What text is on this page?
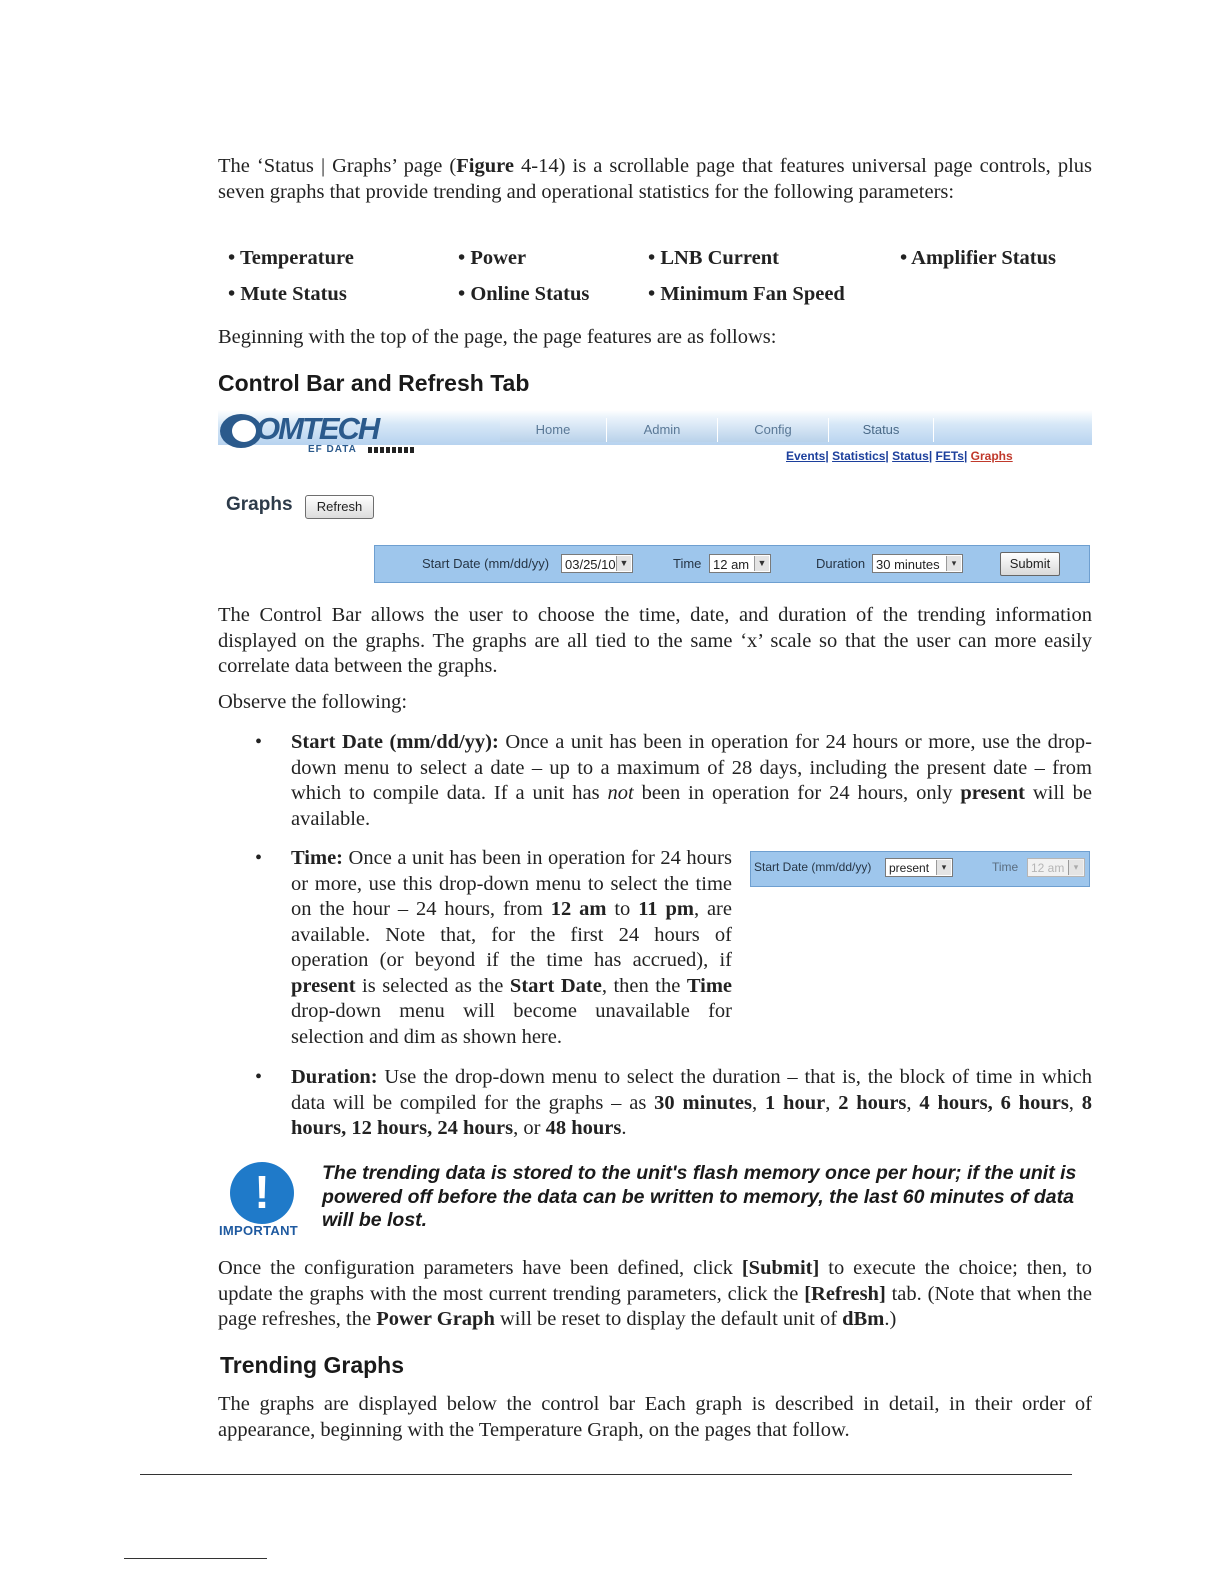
The ‘Status | Graphs’ page (Figure 4-14) is a scrollable page that features universal page controls, plus seven graphs that provide trending and operational statistics for the following parameters:

• Temperature	• Power	• LNB Current	• Amplifier Status
• Mute Status	• Online Status	• Minimum Fan Speed

Beginning with the top of the page, the page features are as follows:

Control Bar and Refresh Tab
OMTECH
EF DATA
Home	Admin	Config	Status
Events| Statistics| Status| FETs| Graphs
Graphs	Refresh
Start Date (mm/dd/yy)	03/25/10 ▼	Time 12 am ▼	Duration 30 minutes	▾	Submit

The Control Bar allows the user to choose the time, date, and duration of the trending information displayed on the graphs. The graphs are all tied to the same ‘x’ scale so that the user can more easily correlate data between the graphs.

Observe the following:

• Start Date (mm/dd/yy): Once a unit has been in operation for 24 hours or more, use the drop-down menu to select a date – up to a maximum of 28 days, including the present date – from which to compile data. If a unit has not been in operation for 24 hours, only present will be available.

• Time: Once a unit has been in operation for 24 hours or more, use this drop-down menu to select the time on the hour – 24 hours, from 12 am to 11 pm, are available. Note that, for the first 24 hours of operation (or beyond if the time has accrued), if present is selected as the Start Date, then the Time drop-down menu will become unavailable for selection and dim as shown here.

Start Date (mm/dd/yy)	present	▾	Time	12 am	▾
• Duration: Use the drop-down menu to select the duration – that is, the block of time in which data will be compiled for the graphs – as 30 minutes, 1 hour, 2 hours, 4 hours, 6 hours, 8 hours, 12 hours, 24 hours, or 48 hours.

!
IMPORTANT
The trending data is stored to the unit's flash memory once per hour; if the unit is powered off before the data can be written to memory, the last 60 minutes of data will be lost.

Once the configuration parameters have been defined, click [Submit] to execute the choice; then, to update the graphs with the most current trending parameters, click the [Refresh] tab. (Note that when the page refreshes, the Power Graph will be reset to display the default unit of dBm.)

Trending Graphs

The graphs are displayed below the control bar Each graph is described in detail, in their order of appearance, beginning with the Temperature Graph, on the pages that follow.
